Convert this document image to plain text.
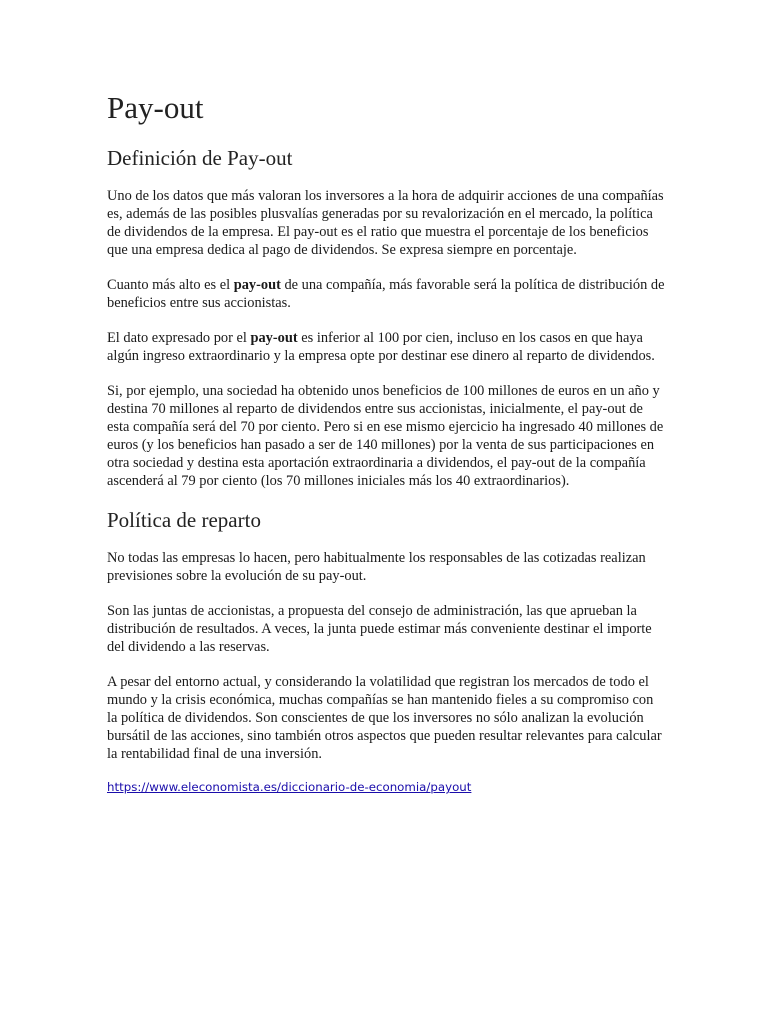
Pay-out
Definición de Pay-out

Uno de los datos que más valoran los inversores a la hora de adquirir acciones de una compañías es, además de las posibles plusvalías generadas por su revalorización en el mercado, la política de dividendos de la empresa. El pay-out es el ratio que muestra el porcentaje de los beneficios que una empresa dedica al pago de dividendos. Se expresa siempre en porcentaje.

Cuanto más alto es el pay-out de una compañía, más favorable será la política de distribución de beneficios entre sus accionistas.

El dato expresado por el pay-out es inferior al 100 por cien, incluso en los casos en que haya algún ingreso extraordinario y la empresa opte por destinar ese dinero al reparto de dividendos.

Si, por ejemplo, una sociedad ha obtenido unos beneficios de 100 millones de euros en un año y destina 70 millones al reparto de dividendos entre sus accionistas, inicialmente, el pay-out de esta compañía será del 70 por ciento. Pero si en ese mismo ejercicio ha ingresado 40 millones de euros (y los beneficios han pasado a ser de 140 millones) por la venta de sus participaciones en otra sociedad y destina esta aportación extraordinaria a dividendos, el pay-out de la compañía ascenderá al 79 por ciento (los 70 millones iniciales más los 40 extraordinarios).

Política de reparto

No todas las empresas lo hacen, pero habitualmente los responsables de las cotizadas realizan previsiones sobre la evolución de su pay-out.

Son las juntas de accionistas, a propuesta del consejo de administración, las que aprueban la distribución de resultados. A veces, la junta puede estimar más conveniente destinar el importe del dividendo a las reservas.

A pesar del entorno actual, y considerando la volatilidad que registran los mercados de todo el mundo y la crisis económica, muchas compañías se han mantenido fieles a su compromiso con la política de dividendos. Son conscientes de que los inversores no sólo analizan la evolución bursátil de las acciones, sino también otros aspectos que pueden resultar relevantes para calcular la rentabilidad final de una inversión.

https://www.eleconomista.es/diccionario-de-economia/payout
